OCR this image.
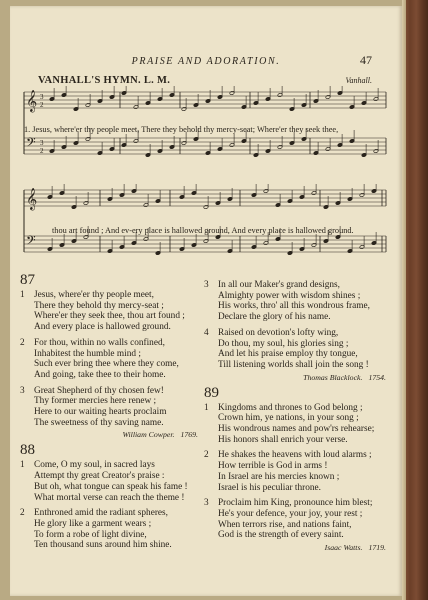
PRAISE AND ADORATION.	47
VANHALL'S HYMN. L. M.	Vanhall.
𝄞
𝄢
3
2
3
2
1. Jesus, where'er thy people meet, There they behold thy mercy-seat; Where'er they seek thee,
𝄞
𝄢
thou art found ; And ev-ery place is hallowed ground, And every place is hallowed ground.
87
1 Jesus, where'er thy people meet,
There they behold thy mercy-seat ;
Where'er they seek thee, thou art found ;
And every place is hallowed ground.
2 For thou, within no walls confined,
Inhabitest the humble mind ;
Such ever bring thee where they come,
And going, take thee to their home.
3 Great Shepherd of thy chosen few!
Thy former mercies here renew ;
Here to our waiting hearts proclaim
The sweetness of thy saving name.
William Cowper. 1769.
88
1 Come, O my soul, in sacred lays
Attempt thy great Creator's praise :
But oh, what tongue can speak his fame !
What mortal verse can reach the theme !
2 Enthroned amid the radiant spheres,
He glory like a garment wears ;
To form a robe of light divine,
Ten thousand suns around him shine.
3 In all our Maker's grand designs,
Almighty power with wisdom shines ;
His works, thro' all this wondrous frame,
Declare the glory of his name.
4 Raised on devotion's lofty wing,
Do thou, my soul, his glories sing ;
And let his praise employ thy tongue,
Till listening worlds shall join the song !
Thomas Blacklock. 1754.
89
1 Kingdoms and thrones to God belong ;
Crown him, ye nations, in your song ;
His wondrous names and pow'rs rehearse;
His honors shall enrich your verse.
2 He shakes the heavens with loud alarms ;
How terrible is God in arms !
In Israel are his mercies known ;
Israel is his peculiar throne.
3 Proclaim him King, pronounce him blest;
He's your defence, your joy, your rest ;
When terrors rise, and nations faint,
God is the strength of every saint.
Isaac Watts. 1719.
